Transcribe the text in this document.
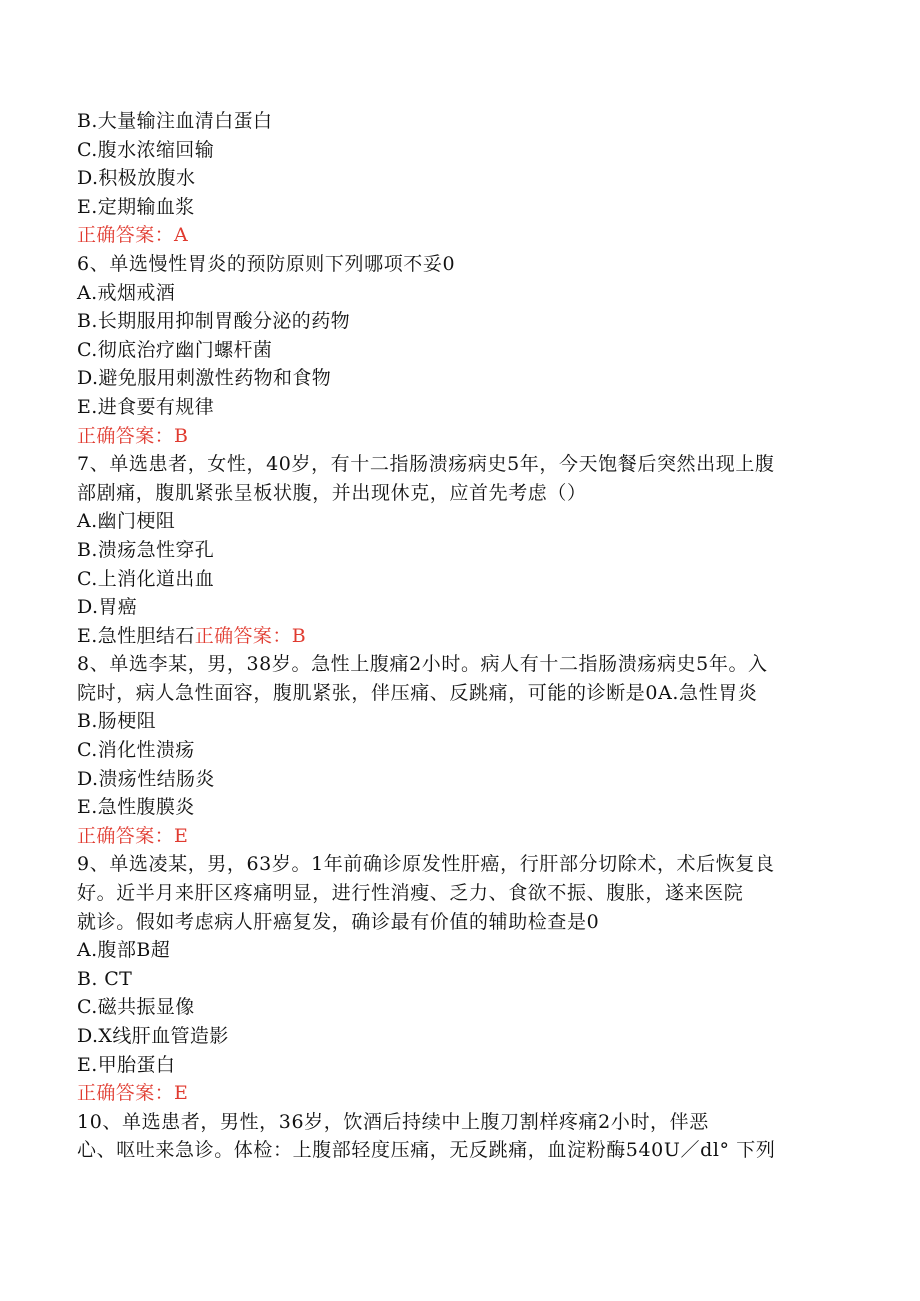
B.大量输注血清白蛋白
C.腹水浓缩回输
D.积极放腹水
E.定期输血浆
正确答案：A
6、单选慢性胃炎的预防原则下列哪项不妥0
A.戒烟戒酒
B.长期服用抑制胃酸分泌的药物
C.彻底治疗幽门螺杆菌
D.避免服用刺激性药物和食物
E.进食要有规律
正确答案：B
7、单选患者，女性，40岁，有十二指肠溃疡病史5年，今天饱餐后突然出现上腹
部剧痛，腹肌紧张呈板状腹，并出现休克，应首先考虑（）
A.幽门梗阻
B.溃疡急性穿孔
C.上消化道出血
D.胃癌
E.急性胆结石正确答案：B
8、单选李某，男，38岁。急性上腹痛2小时。病人有十二指肠溃疡病史5年。入
院时，病人急性面容，腹肌紧张，伴压痛、反跳痛，可能的诊断是0A.急性胃炎
B.肠梗阻
C.消化性溃疡
D.溃疡性结肠炎
E.急性腹膜炎
正确答案：E
9、单选凌某，男，63岁。1年前确诊原发性肝癌，行肝部分切除术，术后恢复良
好。近半月来肝区疼痛明显，进行性消瘦、乏力、食欲不振、腹胀，遂来医院
就诊。假如考虑病人肝癌复发，确诊最有价值的辅助检查是0
A.腹部B超
B. CT
C.磁共振显像
D.X线肝血管造影
E.甲胎蛋白
正确答案：E
10、单选患者，男性，36岁，饮酒后持续中上腹刀割样疼痛2小时，伴恶
心、呕吐来急诊。体检：上腹部轻度压痛，无反跳痛，血淀粉酶540U／dl° 下列
